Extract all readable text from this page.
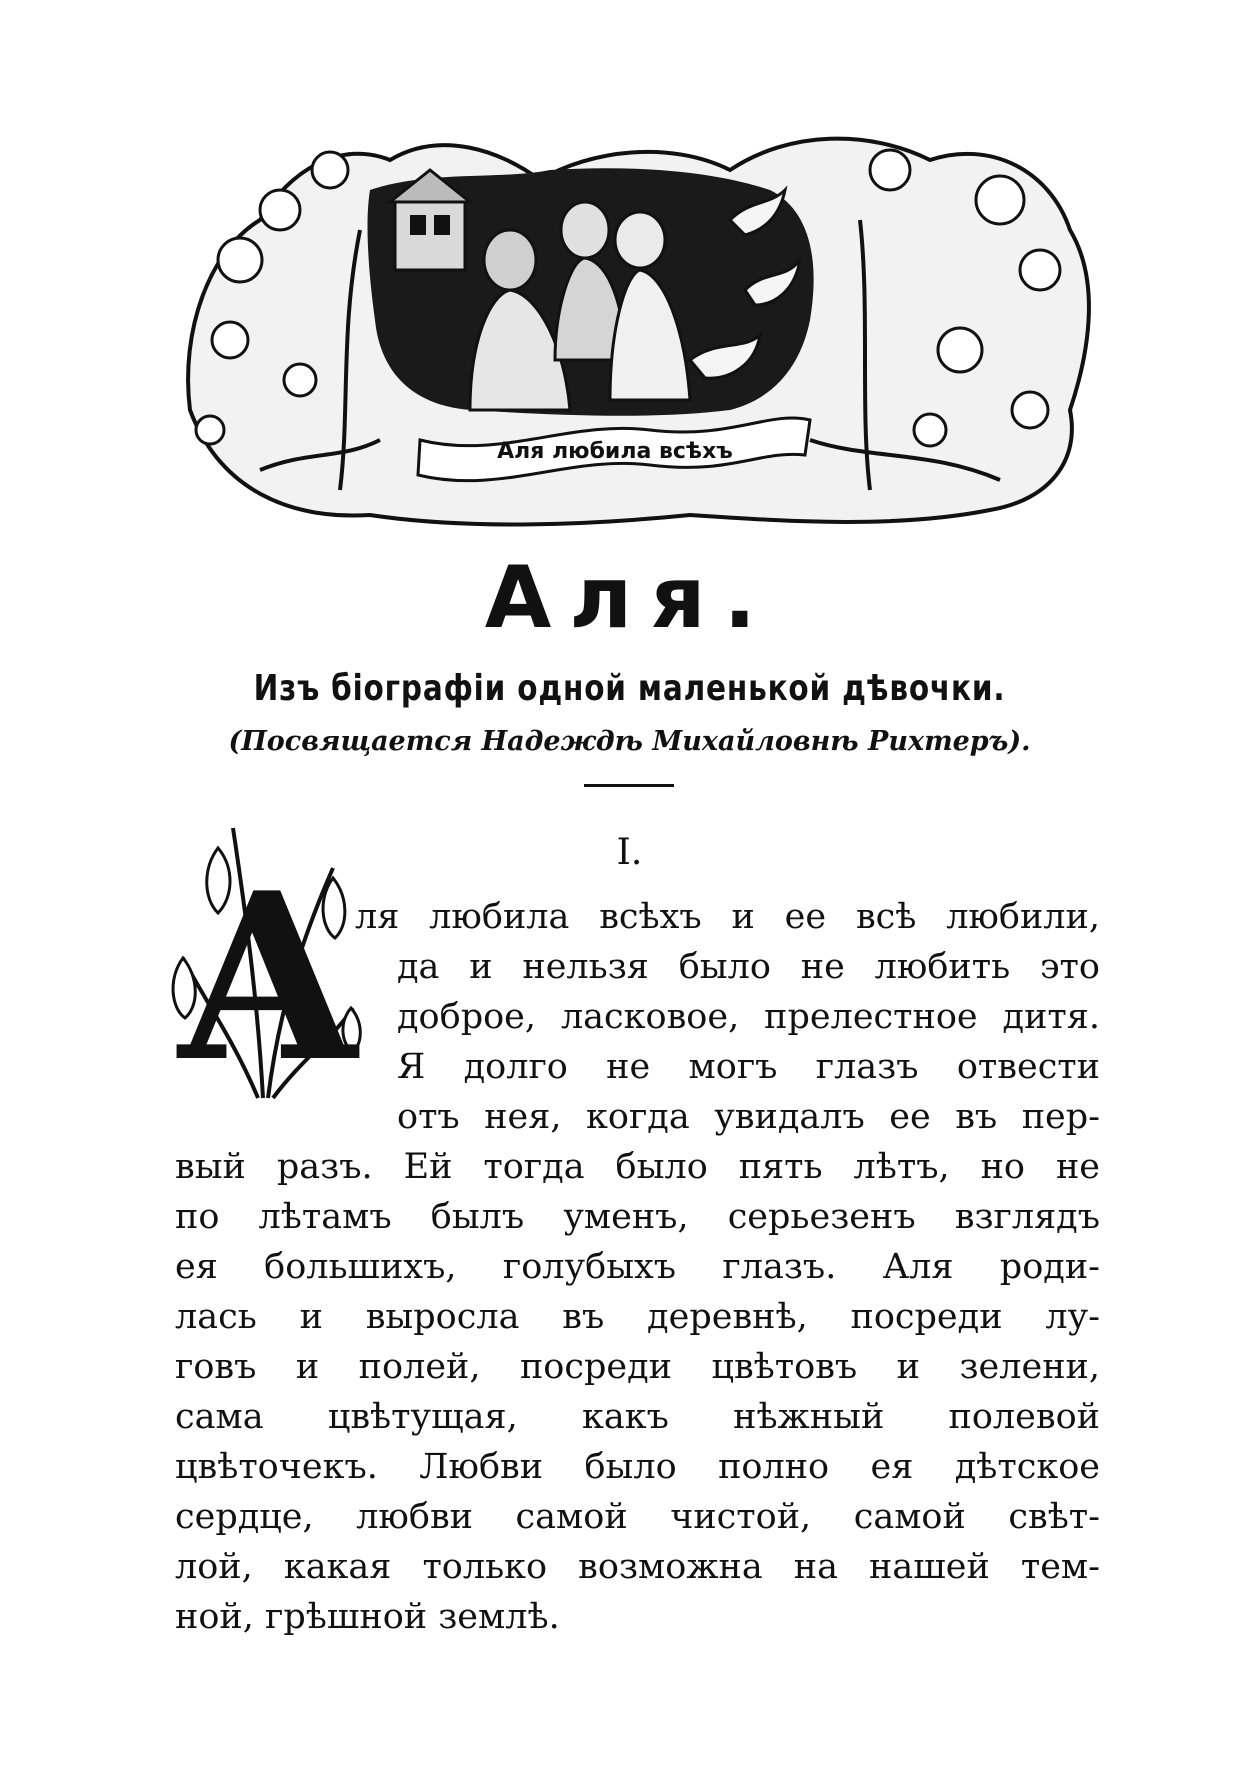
Аля любила всѣхъ
Аля.
Изъ біографіи одной маленькой дѣвочки.
(Посвящается Надеждѣ Михайловнѣ Рихтеръ).
I.
А
ля любила всѣхъ и ее всѣ любили,
да и нельзя было не любить это
доброе, ласковое, прелестное дитя.
Я долго не могъ глазъ отвести
отъ нея, когда увидалъ ее въ пер-
вый разъ. Ей тогда было пять лѣтъ, но не
по лѣтамъ былъ уменъ, серьезенъ взглядъ
ея большихъ, голубыхъ глазъ. Аля роди-
лась и выросла въ деревнѣ, посреди лу-
говъ и полей, посреди цвѣтовъ и зелени,
сама цвѣтущая, какъ нѣжный полевой
цвѣточекъ. Любви было полно ея дѣтское
сердце, любви самой чистой, самой свѣт-
лой, какая только возможна на нашей тем-
ной, грѣшной землѣ.
